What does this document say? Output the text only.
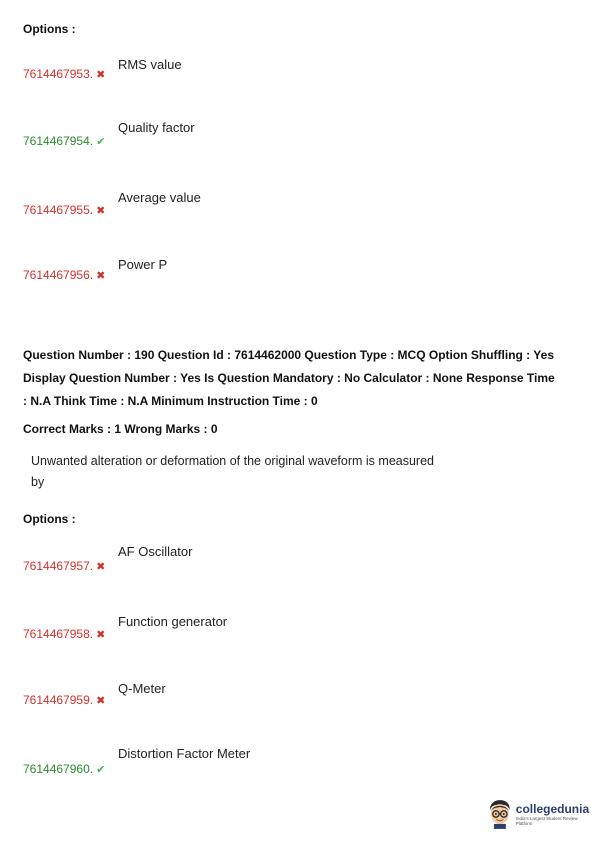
Options :
7614467953. ✖
RMS value
7614467954. ✔
Quality factor
7614467955. ✖
Average value
7614467956. ✖
Power P
Question Number : 190 Question Id : 7614462000 Question Type : MCQ Option Shuffling : Yes
Display Question Number : Yes Is Question Mandatory : No Calculator : None Response Time
: N.A Think Time : N.A Minimum Instruction Time : 0
Correct Marks : 1 Wrong Marks : 0
Unwanted alteration or deformation of the original waveform is measured
by
Options :
7614467957. ✖
AF Oscillator
7614467958. ✖
Function generator
7614467959. ✖
Q-Meter
7614467960. ✔
Distortion Factor Meter
collegedunia
India's Largest Student Review Platform
